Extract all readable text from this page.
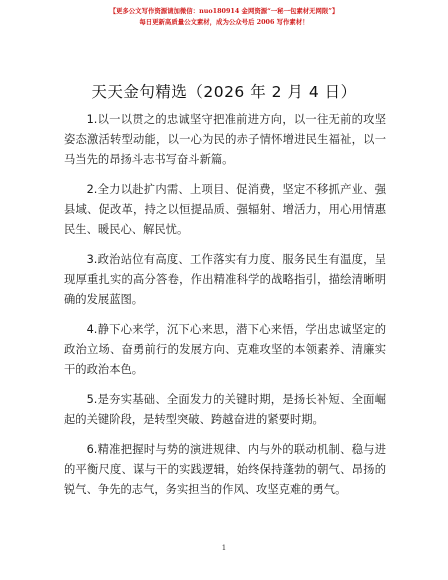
【更多公文写作资源请加微信：nuo180914 金网资源“一秘一包素材无网限”】
每日更新高质量公文素材，成为公众号后 2006 写作素材！
天天金句精选（2026 年 2 月 4 日）

1.以一以贯之的忠诚坚守把准前进方向，以一往无前的攻坚姿态激活转型动能，以一心为民的赤子情怀增进民生福祉，以一马当先的昂扬斗志书写奋斗新篇。

2.全力以赴扩内需、上项目、促消费，坚定不移抓产业、强县域、促改革，持之以恒提品质、强辐射、增活力，用心用情惠民生、暖民心、解民忧。

3.政治站位有高度、工作落实有力度、服务民生有温度，呈现厚重扎实的高分答卷，作出精准科学的战略指引，描绘清晰明确的发展蓝图。

4.静下心来学，沉下心来思，潜下心来悟，学出忠诚坚定的政治立场、奋勇前行的发展方向、克难攻坚的本领素养、清廉实干的政治本色。

5.是夯实基础、全面发力的关键时期，是扬长补短、全面崛起的关键阶段，是转型突破、跨越奋进的紧要时期。

6.精准把握时与势的演进规律、内与外的联动机制、稳与进的平衡尺度、谋与干的实践逻辑，始终保持蓬勃的朝气、昂扬的锐气、争先的志气，务实担当的作风、攻坚克难的勇气。

1
